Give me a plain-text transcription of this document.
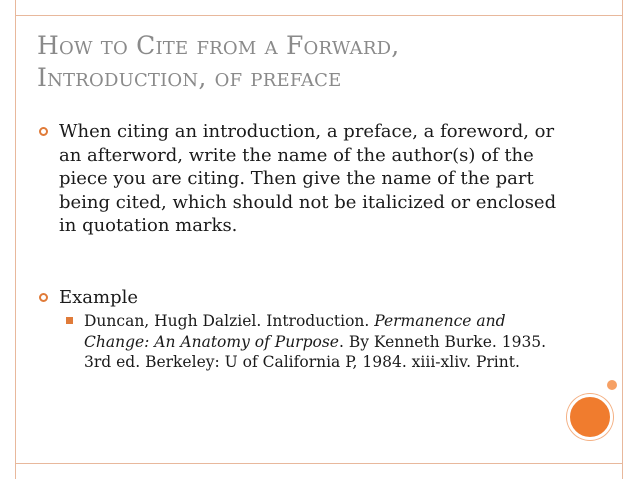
How to Cite from a Forward,
Introduction, of preface
When citing an introduction, a preface, a foreword, or an afterword, write the name of the author(s) of the piece you are citing. Then give the name of the part being cited, which should not be italicized or enclosed in quotation marks.
Example
Duncan, Hugh Dalziel. Introduction. Permanence and Change: An Anatomy of Purpose. By Kenneth Burke. 1935. 3rd ed. Berkeley: U of California P, 1984. xiii-xliv. Print.
